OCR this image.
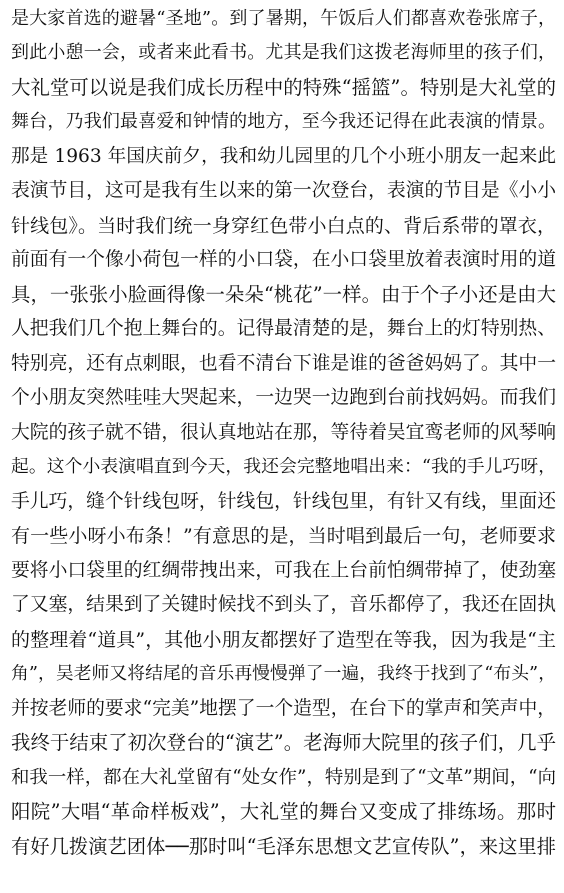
是大家首选的避暑“圣地”。到了暑期，午饭后人们都喜欢卷张席子，
到此小憩一会，或者来此看书。尤其是我们这拨老海师里的孩子们，
大礼堂可以说是我们成长历程中的特殊“摇篮”。特别是大礼堂的
舞台，乃我们最喜爱和钟情的地方，至今我还记得在此表演的情景。
那是 1963 年国庆前夕，我和幼儿园里的几个小班小朋友一起来此
表演节目，这可是我有生以来的第一次登台，表演的节目是《小小
针线包》。当时我们统一身穿红色带小白点的、背后系带的罩衣，
前面有一个像小荷包一样的小口袋，在小口袋里放着表演时用的道
具，一张张小脸画得像一朵朵“桃花”一样。由于个子小还是由大
人把我们几个抱上舞台的。记得最清楚的是，舞台上的灯特别热、
特别亮，还有点刺眼，也看不清台下谁是谁的爸爸妈妈了。其中一
个小朋友突然哇哇大哭起来，一边哭一边跑到台前找妈妈。而我们
大院的孩子就不错，很认真地站在那，等待着吴宜鸾老师的风琴响
起。这个小表演唱直到今天，我还会完整地唱出来：“我的手儿巧呀，
手儿巧，缝个针线包呀，针线包，针线包里，有针又有线，里面还
有一些小呀小布条！”有意思的是，当时唱到最后一句，老师要求
要将小口袋里的红绸带拽出来，可我在上台前怕绸带掉了，使劲塞
了又塞，结果到了关键时候找不到头了，音乐都停了，我还在固执
的整理着“道具”，其他小朋友都摆好了造型在等我，因为我是“主
角”，吴老师又将结尾的音乐再慢慢弹了一遍，我终于找到了“布头”，
并按老师的要求“完美”地摆了一个造型，在台下的掌声和笑声中，
我终于结束了初次登台的“演艺”。老海师大院里的孩子们，几乎
和我一样，都在大礼堂留有“处女作”，特别是到了“文革”期间，“向
阳院”大唱“革命样板戏”，大礼堂的舞台又变成了排练场。那时
有好几拨演艺团体──那时叫“毛泽东思想文艺宣传队”，来这里排
